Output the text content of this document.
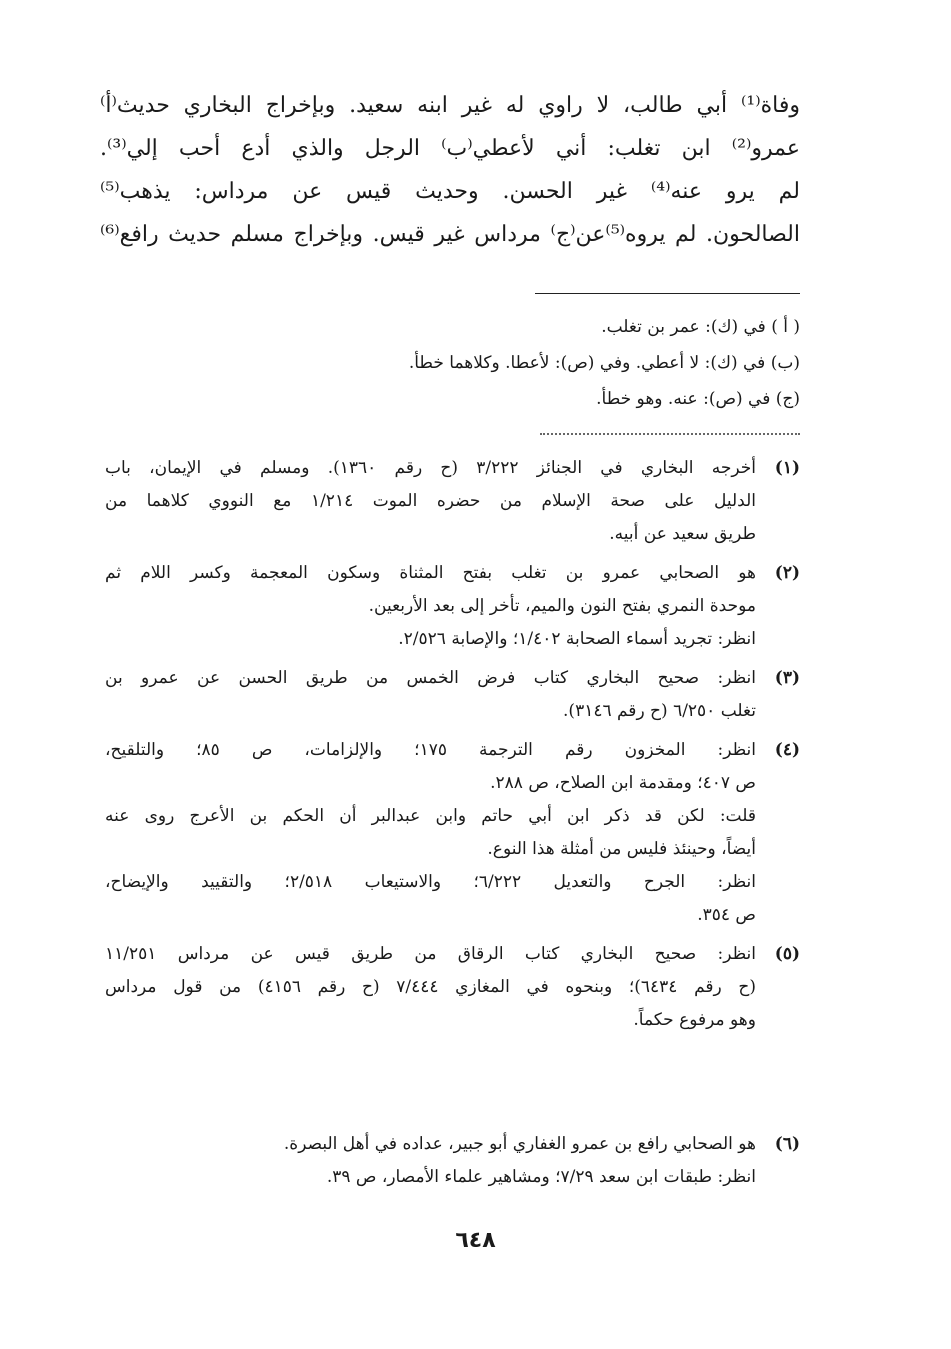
وفاة⁽¹⁾ أبي طالب، لا راوي له غير ابنه سعيد. وبإخراج البخاري حديث⁽أ⁾
عمرو⁽²⁾ ابن تغلب: أني لأعطي⁽ب⁾ الرجل والذي أدع أحب إلي⁽³⁾.
لم يرو عنه⁽⁴⁾ غير الحسن. وحديث قيس عن مرداس: يذهب⁽⁵⁾
الصالحون. لم يروه⁽⁵⁾عن⁽ج⁾ مرداس غير قيس. وبإخراج مسلم حديث رافع⁽⁶⁾
( أ ) في (ك): عمر بن تغلب.
(ب) في (ك): لا أعطي. وفي (ص): لأعطا. وكلاهما خطأ.
(ج) في (ص): عنه. وهو خطأ.
(١)
أخرجه البخاري في الجنائز ٣/٢٢٢ (ح رقم ١٣٦٠). ومسلم في الإيمان، باب
الدليل على صحة الإسلام من حضره الموت ١/٢١٤ مع النووي كلاهما من
طريق سعيد عن أبيه.
(٢)
هو الصحابي عمرو بن تغلب بفتح المثناة وسكون المعجمة وكسر اللام ثم
موحدة النمري بفتح النون والميم، تأخر إلى بعد الأربعين.
انظر: تجريد أسماء الصحابة ١/٤٠٢؛ والإصابة ٢/٥٢٦.
(٣)
انظر: صحيح البخاري كتاب فرض الخمس من طريق الحسن عن عمرو بن
تغلب ٦/٢٥٠ (ح رقم ٣١٤٦).
(٤)
انظر: المخزون رقم الترجمة ١٧٥؛ والإلزامات، ص ٨٥؛ والتلقيح،
ص ٤٠٧؛ ومقدمة ابن الصلاح، ص ٢٨٨.
قلت: لكن قد ذكر ابن أبي حاتم وابن عبدالبر أن الحكم بن الأعرج روى عنه
أيضاً، وحينئذ فليس من أمثلة هذا النوع.
انظر: الجرح والتعديل ٦/٢٢٢؛ والاستيعاب ٢/٥١٨؛ والتقييد والإيضاح،
ص ٣٥٤.
(٥)
انظر: صحيح البخاري كتاب الرقاق من طريق قيس عن مرداس ١١/٢٥١
(ح رقم ٦٤٣٤)؛ وبنحوه في المغازي ٧/٤٤٤ (ح رقم ٤١٥٦) من قول مرداس
وهو مرفوع حكماً.
(٦)
هو الصحابي رافع بن عمرو الغفاري أبو جبير، عداده في أهل البصرة.
انظر: طبقات ابن سعد ٧/٢٩؛ ومشاهير علماء الأمصار، ص ٣٩.
٦٤٨
